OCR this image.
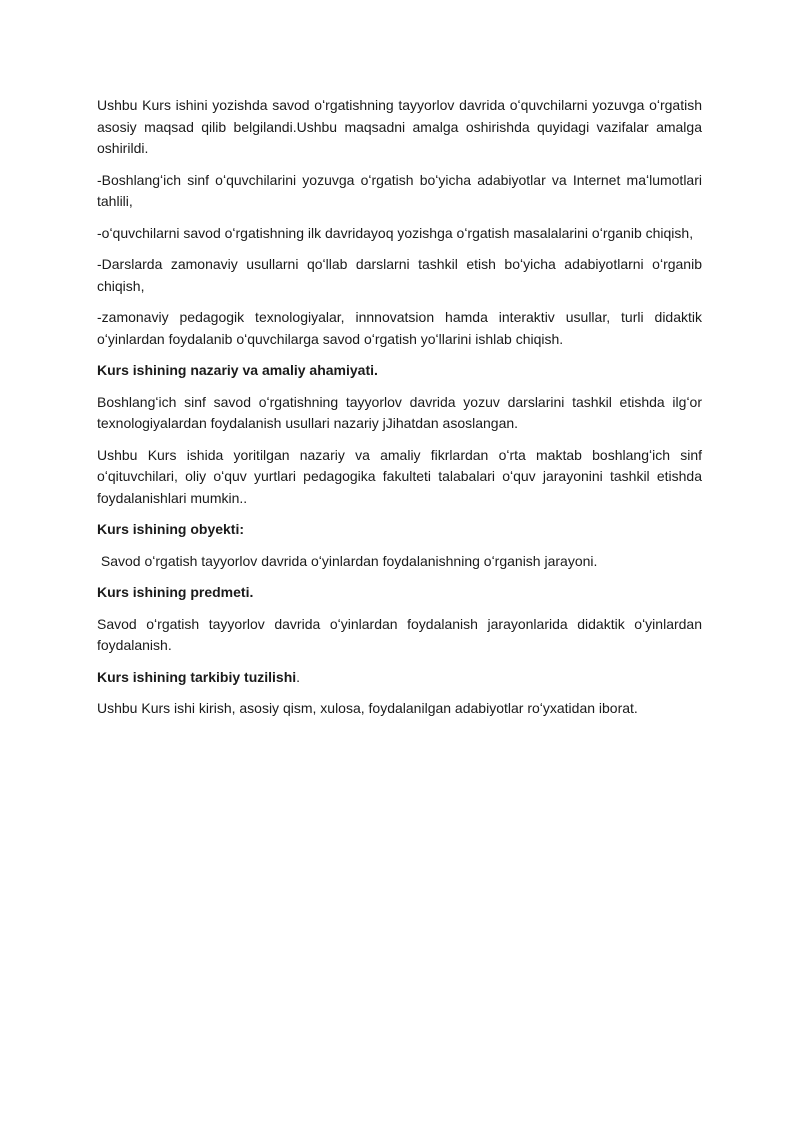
Ushbu Kurs ishini yozishda savod oʻrgatishning tayyorlov davrida oʻquvchilarni yozuvga oʻrgatish asosiy maqsad qilib belgilandi.Ushbu maqsadni amalga oshirishda quyidagi vazifalar amalga oshirildi.

-Boshlangʻich sinf oʻquvchilarini yozuvga oʻrgatish boʻyicha adabiyotlar va Internet maʻlumotlari tahlili,

-oʻquvchilarni savod oʻrgatishning ilk davridayoq yozishga oʻrgatish masalalarini oʻrganib chiqish,

-Darslarda zamonaviy usullarni qoʻllab darslarni tashkil etish boʻyicha adabiyotlarni oʻrganib chiqish,

-zamonaviy pedagogik texnologiyalar, innnovatsion hamda interaktiv usullar, turli didaktik oʻyinlardan foydalanib oʻquvchilarga savod oʻrgatish yoʻllarini ishlab chiqish.

Kurs ishining nazariy va amaliy ahamiyati.

Boshlangʻich sinf savod oʻrgatishning tayyorlov davrida yozuv darslarini tashkil etishda ilgʻor texnologiyalardan foydalanish usullari nazariy jJihatdan asoslangan.

Ushbu Kurs ishida yoritilgan nazariy va amaliy fikrlardan oʻrta maktab boshlangʻich sinf oʻqituvchilari, oliy oʻquv yurtlari pedagogika fakulteti talabalari oʻquv jarayonini tashkil etishda foydalanishlari mumkin..

Kurs ishining obyekti:

Savod oʻrgatish tayyorlov davrida oʻyinlardan foydalanishning oʻrganish jarayoni.

Kurs ishining predmeti.

Savod oʻrgatish tayyorlov davrida oʻyinlardan foydalanish jarayonlarida didaktik oʻyinlardan foydalanish.

Kurs ishining tarkibiy tuzilishi.

Ushbu Kurs ishi kirish, asosiy qism, xulosa, foydalanilgan adabiyotlar roʻyxatidan iborat.
